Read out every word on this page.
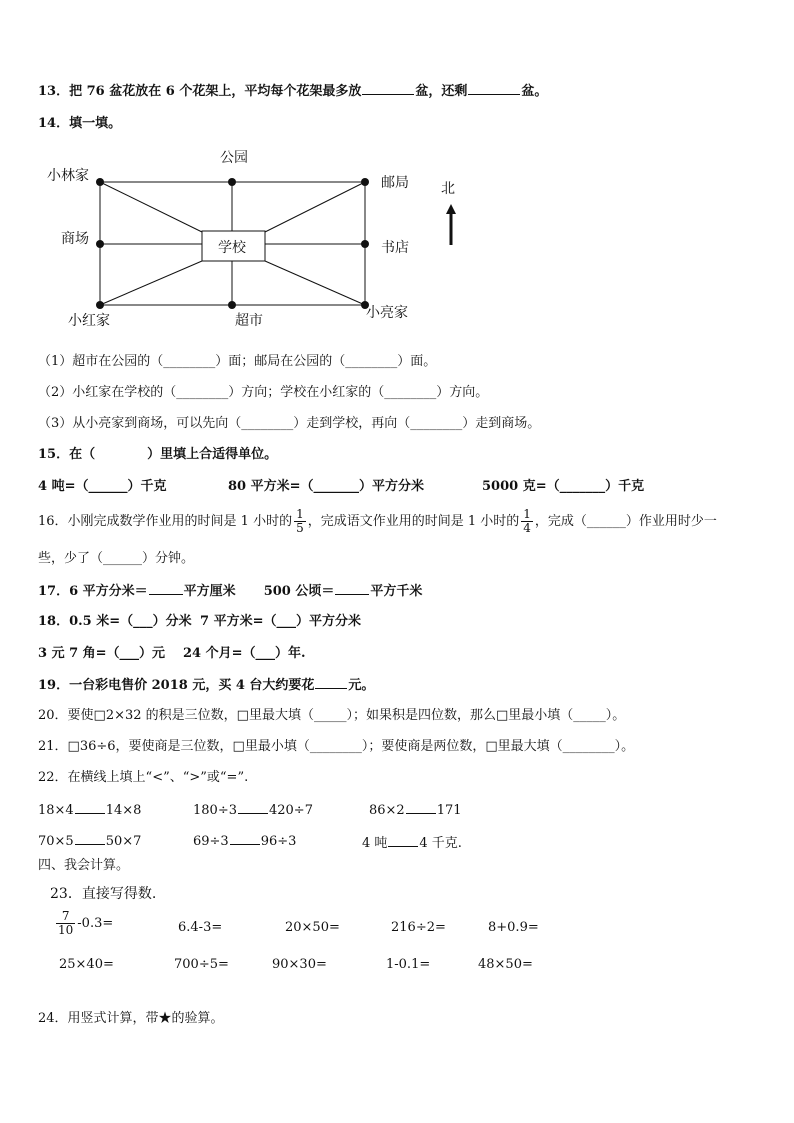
13．把 76 盆花放在 6 个花架上，平均每个花架最多放	盆，还剩	盆。
14．填一填。
公园
小林家	邮局 北
商场
学校	书店
小红家	超市	小亮家
（1）超市在公园的（________）面；邮局在公园的（________）面。
（2）小红家在学校的（________）方向；学校在小红家的（________）方向。
（3）从小亮家到商场，可以先向（________）走到学校，再向（________）走到商场。
15．在（　　　　）里填上合适得单位。
4 吨=（______）千克	80 平方米=（_______）平方分米	5000 克=（_______）千克
16．小刚完成数学作业用的时间是 1 小时的 $\frac{1}{5}$ ，完成语文作业用的时间是 1 小时的 $\frac{1}{4}$ ，完成（______）作业用时少一
些，少了（______）分钟。
17．6 平方分米＝	平方厘米 500 公顷＝	平方千米
18．0.5 米=（___）分米 7 平方米=（___）平方分米
3 元 7 角=（___）元 24 个月=（___）年.
19．一台彩电售价 2018 元，买 4 台大约要花	元。
20．要使□2×32 的积是三位数，□里最大填（_____）；如果积是四位数，那么□里最小填（_____）。
21．□36÷6，要使商是三位数，□里最小填（________）；要使商是两位数，□里最大填（________）。
22．在横线上填上“<”、“>”或“=”.
18×4 14×8	180÷3 420÷7	86×2 171
70×5 50×7	69÷3 96÷3	4 吨 4 千克.
四、我会计算。
23．直接写得数.
$\frac{7}{10} -0.3=$	6.4-3=	20×50=	216÷2=	8+0.9=
25×40=	700÷5=	90×30=	1-0.1=	48×50=
24．用竖式计算，带★的验算。
